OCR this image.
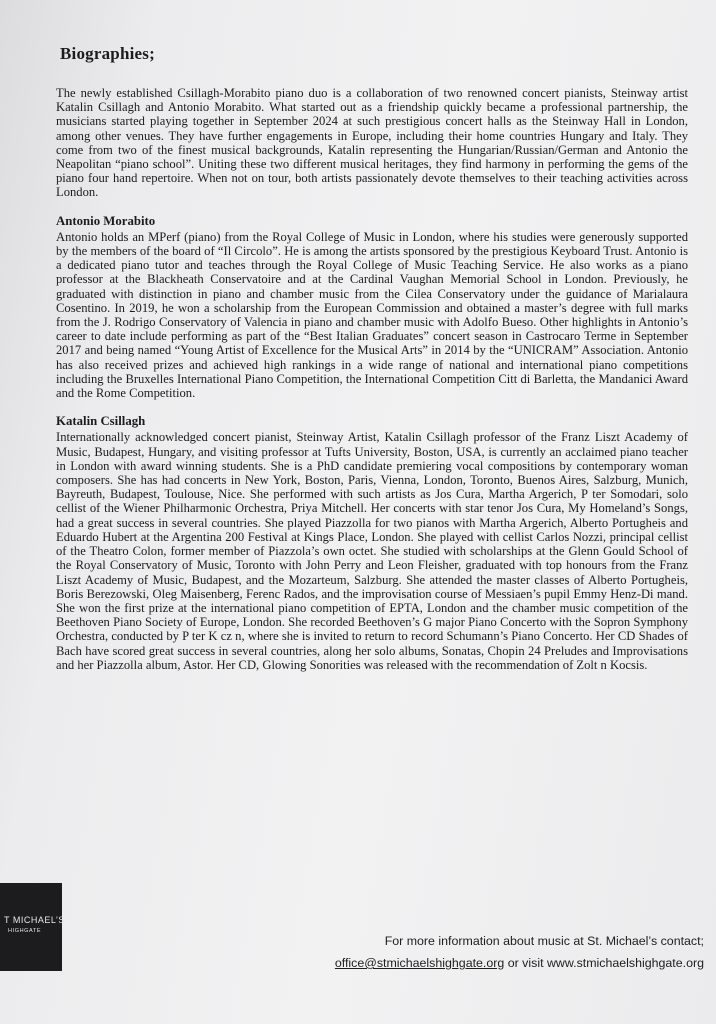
Biographies;

The newly established Csillagh-Morabito piano duo is a collaboration of two renowned concert pianists, Steinway artist Katalin Csillagh and Antonio Morabito. What started out as a friendship quickly became a professional partnership, the musicians started playing together in September 2024 at such prestigious concert halls as the Steinway Hall in London, among other venues. They have further engagements in Europe, including their home countries Hungary and Italy. They come from two of the finest musical backgrounds, Katalin representing the Hungarian/Russian/German and Antonio the Neapolitan “piano school”. Uniting these two different musical heritages, they find harmony in performing the gems of the piano four hand repertoire. When not on tour, both artists passionately devote themselves to their teaching activities across London.

Antonio Morabito

Antonio holds an MPerf (piano) from the Royal College of Music in London, where his studies were generously supported by the members of the board of “Il Circolo”. He is among the artists sponsored by the prestigious Keyboard Trust. Antonio is a dedicated piano tutor and teaches through the Royal College of Music Teaching Service. He also works as a piano professor at the Blackheath Conservatoire and at the Cardinal Vaughan Memorial School in London. Previously, he graduated with distinction in piano and chamber music from the Cilea Conservatory under the guidance of Marialaura Cosentino. In 2019, he won a scholarship from the European Commission and obtained a master’s degree with full marks from the J. Rodrigo Conservatory of Valencia in piano and chamber music with Adolfo Bueso. Other highlights in Antonio’s career to date include performing as part of the “Best Italian Graduates” concert season in Castrocaro Terme in September 2017 and being named “Young Artist of Excellence for the Musical Arts” in 2014 by the “UNICRAM” Association. Antonio has also received prizes and achieved high rankings in a wide range of national and international piano competitions including the Bruxelles International Piano Competition, the International Competition Citt di Barletta, the Mandanici Award and the Rome Competition.

Katalin Csillagh

Internationally acknowledged concert pianist, Steinway Artist, Katalin Csillagh professor of the Franz Liszt Academy of Music, Budapest, Hungary, and visiting professor at Tufts University, Boston, USA, is currently an acclaimed piano teacher in London with award winning students. She is a PhD candidate premiering vocal compositions by contemporary woman composers. She has had concerts in New York, Boston, Paris, Vienna, London, Toronto, Buenos Aires, Salzburg, Munich, Bayreuth, Budapest, Toulouse, Nice. She performed with such artists as Jos Cura, Martha Argerich, P ter Somodari, solo cellist of the Wiener Philharmonic Orchestra, Priya Mitchell. Her concerts with star tenor Jos Cura, My Homeland’s Songs, had a great success in several countries. She played Piazzolla for two pianos with Martha Argerich, Alberto Portugheis and Eduardo Hubert at the Argentina 200 Festival at Kings Place, London. She played with cellist Carlos Nozzi, principal cellist of the Theatro Colon, former member of Piazzola’s own octet. She studied with scholarships at the Glenn Gould School of the Royal Conservatory of Music, Toronto with John Perry and Leon Fleisher, graduated with top honours from the Franz Liszt Academy of Music, Budapest, and the Mozarteum, Salzburg. She attended the master classes of Alberto Portugheis, Boris Berezowski, Oleg Maisenberg, Ferenc Rados, and the improvisation course of Messiaen’s pupil Emmy Henz-Di mand. She won the first prize at the international piano competition of EPTA, London and the chamber music competition of the Beethoven Piano Society of Europe, London. She recorded Beethoven’s G major Piano Concerto with the Sopron Symphony Orchestra, conducted by P ter K cz n, where she is invited to return to record Schumann’s Piano Concerto. Her CD Shades of Bach have scored great success in several countries, along her solo albums, Sonatas, Chopin 24 Preludes and Improvisations and her Piazzolla album, Astor. Her CD, Glowing Sonorities was released with the recommendation of Zolt n Kocsis.

T MICHAEL’S
HIGHGATE
For more information about music at St. Michael’s contact;
office@stmichaelshighgate.org or visit www.stmichaelshighgate.org
